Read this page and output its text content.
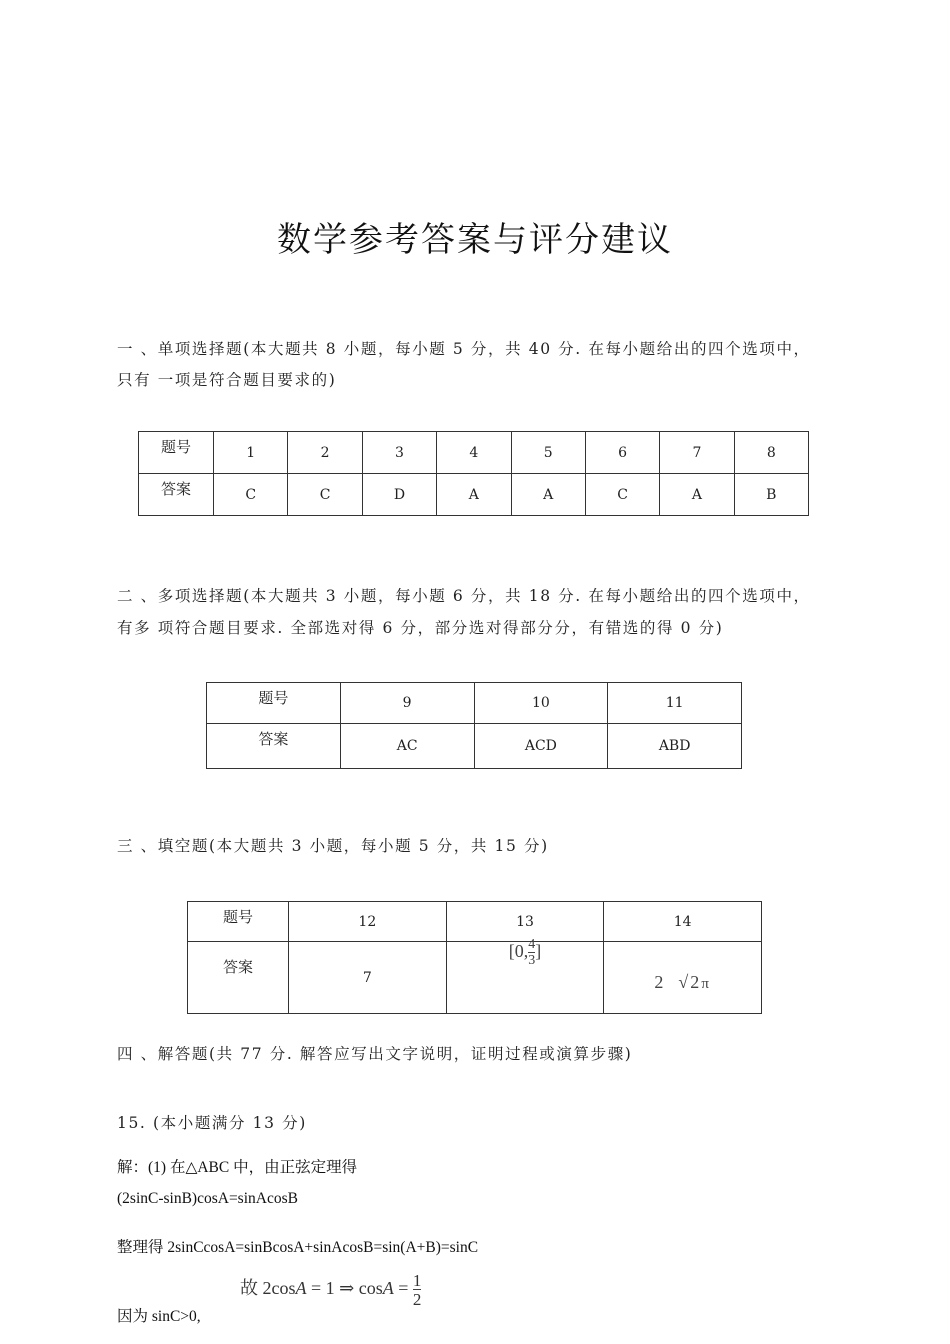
数学参考答案与评分建议
一 、单项选择题(本大题共 8 小题，每小题 5 分，共 40 分. 在每小题给出的四个选项中，
只有 一项是符合题目要求的)
题号	1	2	3	4	5	6	7	8
答案	C	C	D	A	A	C	A	B
二 、多项选择题(本大题共 3 小题，每小题 6 分，共 18 分. 在每小题给出的四个选项中，
有多 项符合题目要求. 全部选对得 6 分，部分选对得部分分，有错选的得 0 分)
题号	9	10	11
答案	AC	ACD	ABD
三 、填空题(本大题共 3 小题，每小题 5 分，共 15 分)
题号	12	13	14
答案	7	[0, $\frac{4}{3}$ ]	2 √2π
四 、解答题(共 77 分. 解答应写出文字说明，证明过程或演算步骤)
15. (本小题满分 13 分)
解：(1) 在△ABC 中，由正弦定理得
(2sinC-sinB)cosA=sinAcosB
整理得 2sinCcosA=sinBcosA+sinAcosB=sin(A+B)=sinC
因为 sinC>0,
故 2cosA = 1 ⇒ $\cos A = \frac{1}{2}$
